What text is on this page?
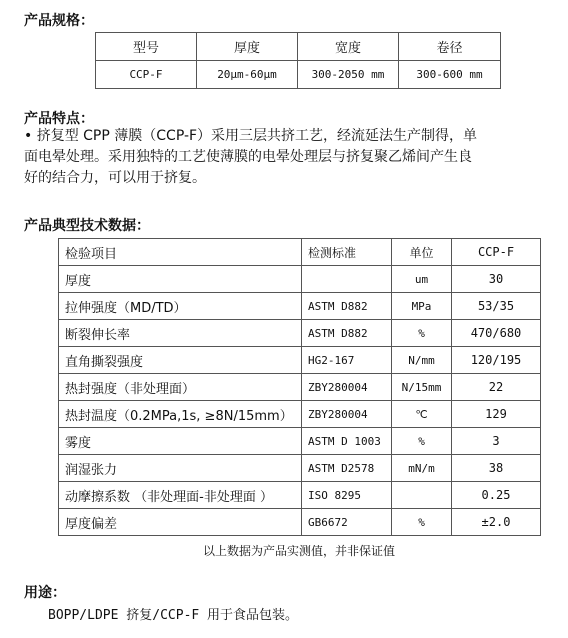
产品规格：
型号	厚度	宽度	卷径
CCP-F	20μm-60μm	300-2050 mm	300-600 mm
产品特点：
• 挤复型 CPP 薄膜（CCP-F）采用三层共挤工艺，经流延法生产制得，单
面电晕处理。采用独特的工艺使薄膜的电晕处理层与挤复聚乙烯间产生良
好的结合力，可以用于挤复。
产品典型技术数据：
检验项目	检测标准	单位	CCP-F
厚度		um	30
拉伸强度（MD/TD）	ASTM D882	MPa	53/35
断裂伸长率	ASTM D882	%	470/680
直角撕裂强度	HG2-167	N/mm	120/195
热封强度（非处理面）	ZBY280004	N/15mm	22
热封温度（0.2MPa,1s, ≥8N/15mm）	ZBY280004	℃	129
雾度	ASTM D 1003	%	3
润湿张力	ASTM D2578	mN/m	38
动摩擦系数 （非处理面-非处理面 ）	ISO 8295		0.25
厚度偏差	GB6672	%	±2.0
以上数据为产品实测值，并非保证值
用途：
BOPP/LDPE 挤复/CCP-F 用于食品包装。
